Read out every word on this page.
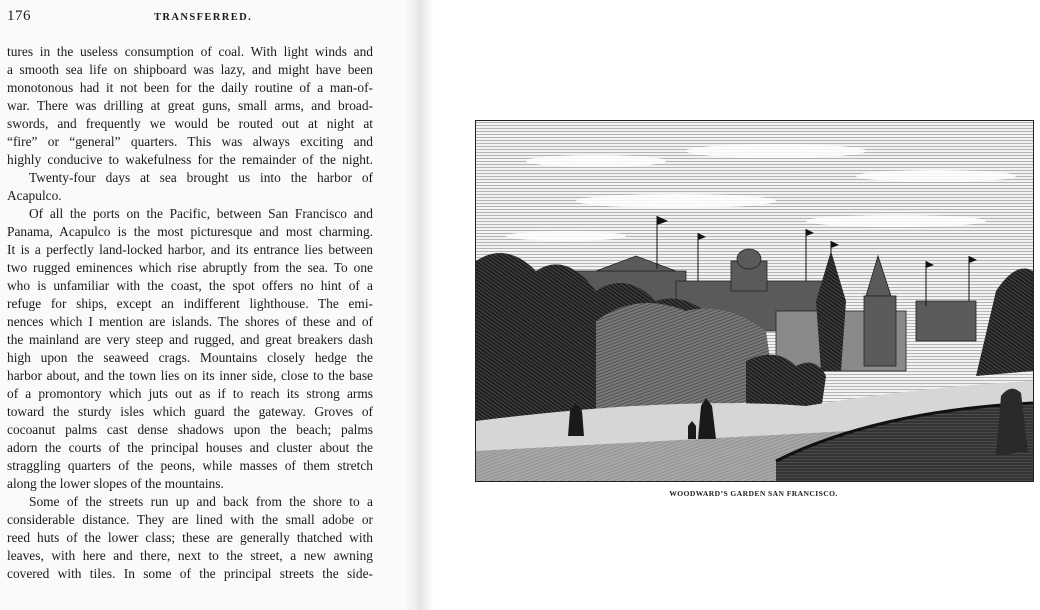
176	TRANSFERRED.
tures in the useless consumption of coal. With light winds and
a smooth sea life on shipboard was lazy, and might have been
monotonous had it not been for the daily routine of a man-of-
war. There was drilling at great guns, small arms, and broad-
swords, and frequently we would be routed out at night at
“fire” or “general” quarters. This was always exciting and
highly conducive to wakefulness for the remainder of the night.
Twenty-four days at sea brought us into the harbor of
Acapulco.
Of all the ports on the Pacific, between San Francisco and
Panama, Acapulco is the most picturesque and most charming.
It is a perfectly land-locked harbor, and its entrance lies between
two rugged eminences which rise abruptly from the sea. To one
who is unfamiliar with the coast, the spot offers no hint of a
refuge for ships, except an indifferent lighthouse. The emi-
nences which I mention are islands. The shores of these and of
the mainland are very steep and rugged, and great breakers dash
high upon the seaweed crags. Mountains closely hedge the
harbor about, and the town lies on its inner side, close to the base
of a promontory which juts out as if to reach its strong arms
toward the sturdy isles which guard the gateway. Groves of
cocoanut palms cast dense shadows upon the beach; palms
adorn the courts of the principal houses and cluster about the
straggling quarters of the peons, while masses of them stretch
along the lower slopes of the mountains.
Some of the streets run up and back from the shore to a
considerable distance. They are lined with the small adobe or
reed huts of the lower class; these are generally thatched with
leaves, with here and there, next to the street, a new awning
covered with tiles. In some of the principal streets the side-
WOODWARD’S GARDEN SAN FRANCISCO.
